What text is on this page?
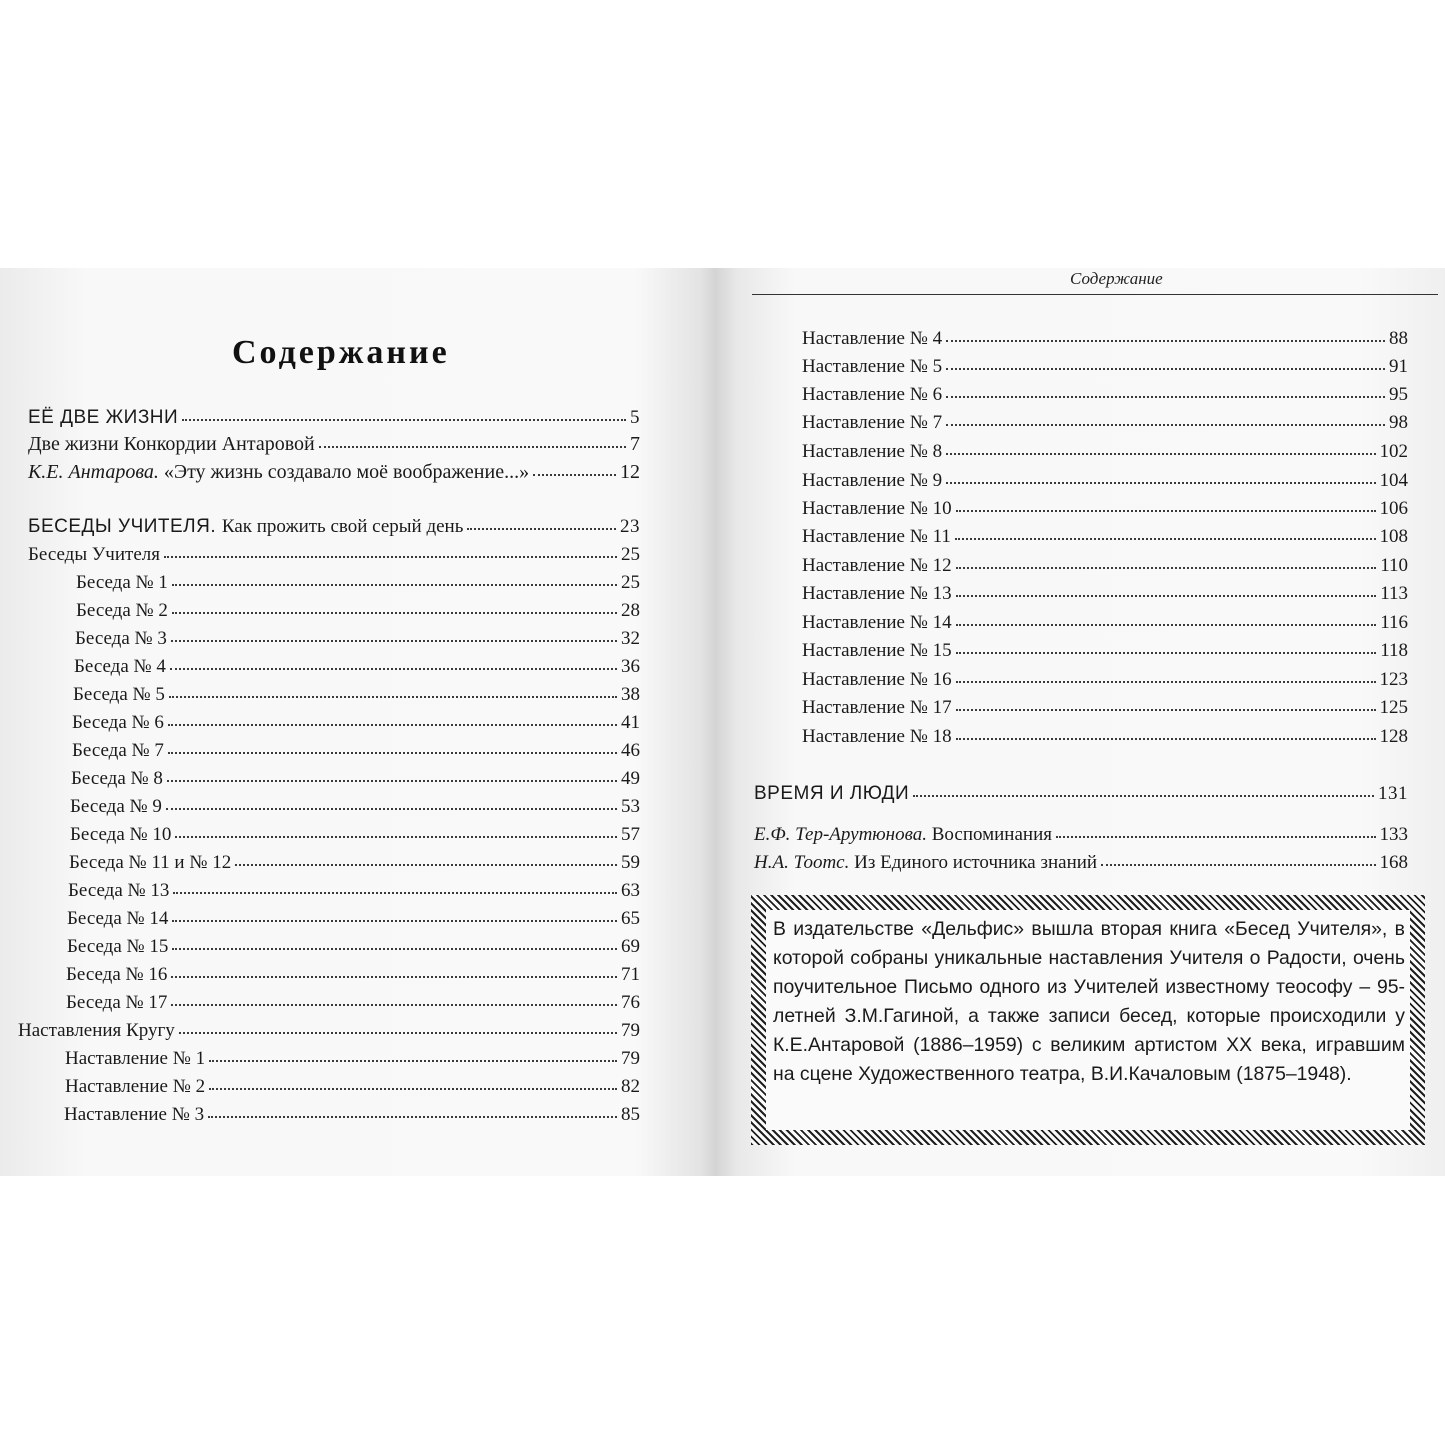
Содержание
ЕЁ ДВЕ ЖИЗНИ	5
Две жизни Конкордии Антаровой	7
К.Е. Антарова. «Эту жизнь создавало моё воображение...»	12
БЕСЕДЫ УЧИТЕЛЯ. Как прожить свой серый день	23
Беседы Учителя	25
Беседа № 1	25
Беседа № 2	28
Беседа № 3	32
Беседа № 4	36
Беседа № 5	38
Беседа № 6	41
Беседа № 7	46
Беседа № 8	49
Беседа № 9	53
Беседа № 10	57
Беседа № 11 и № 12	59
Беседа № 13	63
Беседа № 14	65
Беседа № 15	69
Беседа № 16	71
Беседа № 17	76
Наставления Кругу	79
Наставление № 1	79
Наставление № 2	82
Наставление № 3	85
Содержание
Наставление № 4	88
Наставление № 5	91
Наставление № 6	95
Наставление № 7	98
Наставление № 8	102
Наставление № 9	104
Наставление № 10	106
Наставление № 11	108
Наставление № 12	110
Наставление № 13	113
Наставление № 14	116
Наставление № 15	118
Наставление № 16	123
Наставление № 17	125
Наставление № 18	128
ВРЕМЯ И ЛЮДИ	131
Е.Ф. Тер-Арутюнова. Воспоминания	133
Н.А. Тоотс. Из Единого источника знаний	168

В издательстве «Дельфис» вышла вторая книга «Бесед Учителя», в которой собраны уникальные наставления Учителя о Радости, очень поучительное Письмо одного из Учителей известному теософу – 95-летней З.М.Гагиной, а также записи бесед, которые происходили у К.Е.Антаровой (1886–1959) с великим артистом XX века, игравшим на сцене Художественного театра, В.И.Качаловым (1875–1948).
